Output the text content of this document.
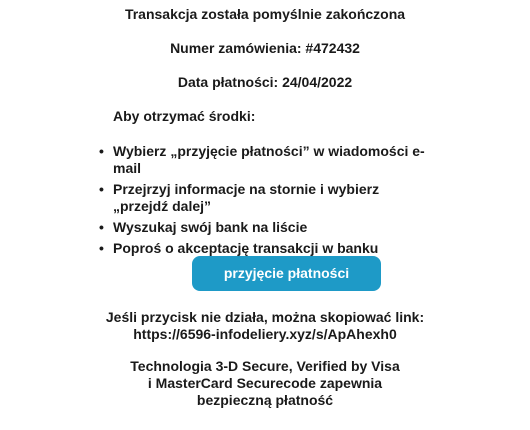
Transakcja została pomyślnie zakończona

Numer zamówienia: #472432

Data płatności: 24/04/2022

Aby otrzymać środki:

• Wybierz „przyjęcie płatności” w wiadomości e-mail
• Przejrzyj informacje na stornie i wybierz „przejdź dalej”
• Wyszukaj swój bank na liście
• Poproś o akceptację transakcji w banku
przyjęcie płatności
Jeśli przycisk nie działa, można skopiować link:
https://6596-infodeliery.xyz/s/ApAhexh0
Technologia 3-D Secure, Verified by Visa
i MasterCard Securecode zapewnia
bezpieczną płatność
